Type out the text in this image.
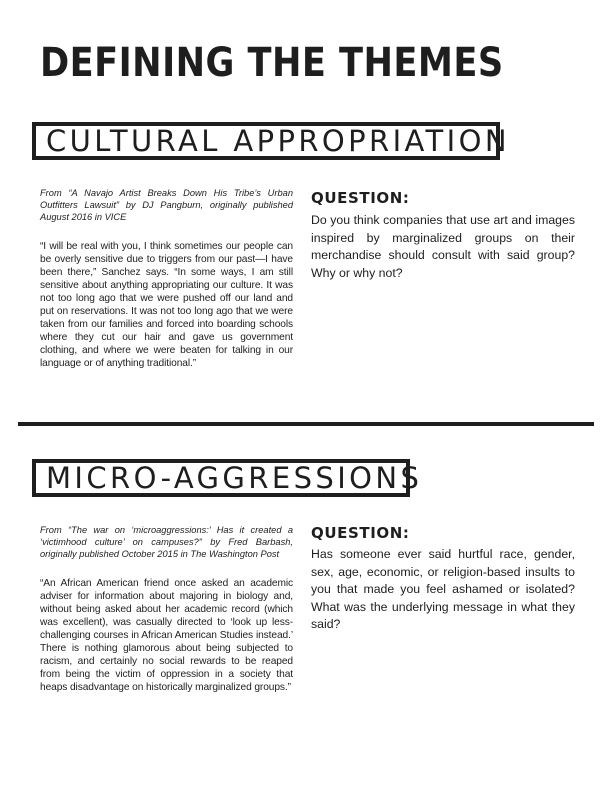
DEFINING THE THEMES
CULTURAL APPROPRIATION

From “A Navajo Artist Breaks Down His Tribe’s Urban Outfitters Lawsuit” by DJ Pangburn, originally published August 2016 in VICE

“I will be real with you, I think sometimes our people can be overly sensitive due to triggers from our past—I have been there,” Sanchez says. “In some ways, I am still sensitive about anything appropriating our culture. It was not too long ago that we were pushed off our land and put on reservations. It was not too long ago that we were taken from our families and forced into boarding schools where they cut our hair and gave us government clothing, and where we were beaten for talking in our language or of anything traditional.”

QUESTION:

Do you think companies that use art and images inspired by marginalized groups on their merchandise should consult with said group? Why or why not?

MICRO-AGGRESSIONS

From “The war on ‘microaggressions:’ Has it created a ‘victimhood culture’ on campuses?” by Fred Barbash, originally published October 2015 in The Washington Post

“An African American friend once asked an academic adviser for information about majoring in biology and, without being asked about her academic record (which was excellent), was casually directed to ‘look up less-challenging courses in African American Studies instead.’ There is nothing glamorous about being subjected to racism, and certainly no social rewards to be reaped from being the victim of oppression in a society that heaps disadvantage on historically marginalized groups.”

QUESTION:

Has someone ever said hurtful race, gender, sex, age, economic, or religion-based insults to you that made you feel ashamed or isolated? What was the underlying message in what they said?
